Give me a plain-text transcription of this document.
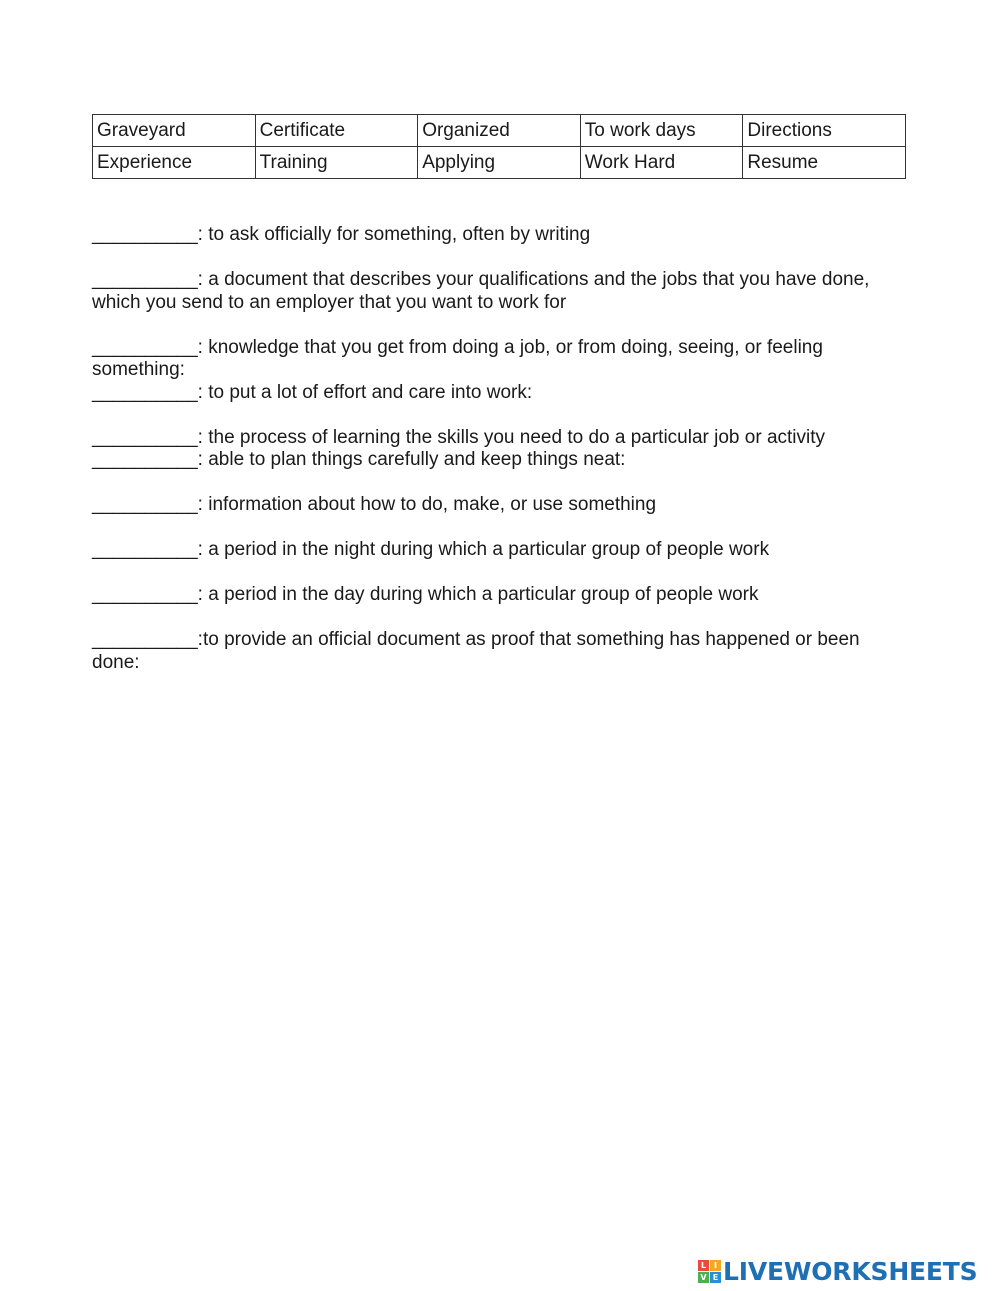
Graveyard	Certificate	Organized	To work days	Directions
Experience	Training	Applying	Work Hard	Resume

__________: to ask officially for something, often by writing

__________: a document that describes your qualifications and the jobs that you have done, which you send to an employer that you want to work for

__________: knowledge that you get from doing a job, or from doing, seeing, or feeling something:

__________: to put a lot of effort and care into work:

__________: the process of learning the skills you need to do a particular job or activity

__________: able to plan things carefully and keep things neat:

__________: information about how to do, make, or use something

__________: a period in the night during which a particular group of people work

__________: a period in the day during which a particular group of people work

__________:to provide an official document as proof that something has happened or been done:

L I
V E LIVEWORKSHEETS
